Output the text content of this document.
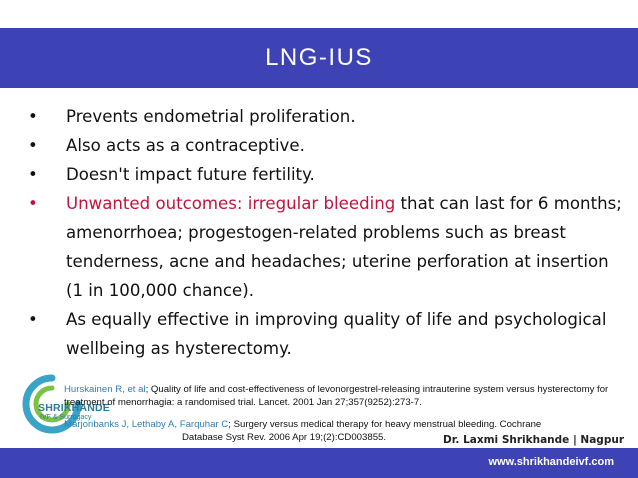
LNG-IUS
• Prevents endometrial proliferation.
• Also acts as a contraceptive.
• Doesn't impact future fertility.
• Unwanted outcomes: irregular bleeding that can last for 6 months; amenorrhoea; progestogen-related problems such as breast tenderness, acne and headaches; uterine perforation at insertion (1 in 100,000 chance).
• As equally effective in improving quality of life and psychological wellbeing as hysterectomy.
SHRIKHANDE
IVF & Surrogacy
Hurskainen R, et al; Quality of life and cost-effectiveness of levonorgestrel-releasing intrauterine system versus hysterectomy for treatment of menorrhagia: a randomised trial. Lancet. 2001 Jan 27;357(9252):273-7.
Marjoribanks J, Lethaby A, Farquhar C; Surgery versus medical therapy for heavy menstrual bleeding. Cochrane
Database Syst Rev. 2006 Apr 19;(2):CD003855.	Dr. Laxmi Shrikhande | Nagpur
www.shrikhandeivf.com
